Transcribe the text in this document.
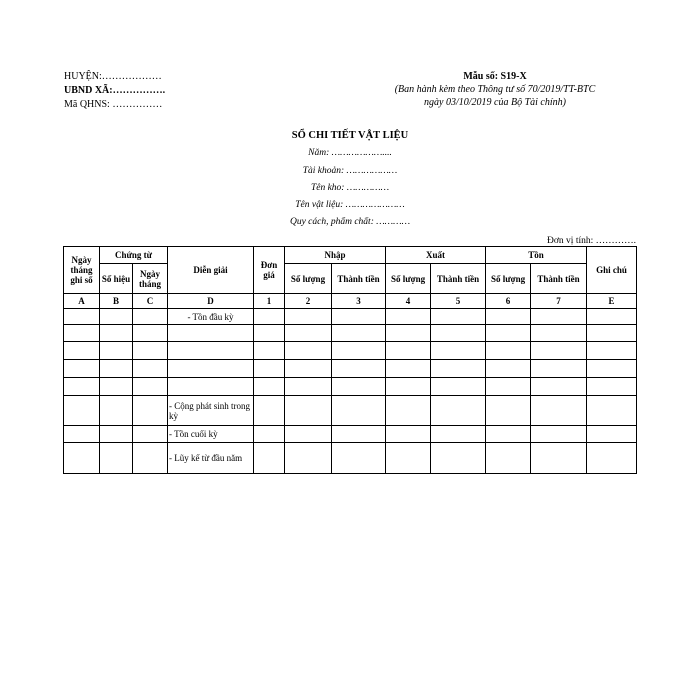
HUYỆN:………………
UBND XÃ:…………….
Mã QHNS: ……………
Mẫu số: S19-X
(Ban hành kèm theo Thông tư số 70/2019/TT-BTC
ngày 03/10/2019 của Bộ Tài chính)
SỔ CHI TIẾT VẬT LIỆU
Năm: ………………....
Tài khoản: ………………
Tên kho: ……………
Tên vật liệu: …………………
Quy cách, phẩm chất: …………
Đơn vị tính: ………….
Ngày tháng ghi sổ	Chứng từ		Diễn giải	Đơn giá	Nhập		Xuất		Tồn		Ghi chú
	Số hiệu	Ngày tháng			Số lượng	Thành tiền	Số lượng	Thành tiền	Số lượng	Thành tiền	
A	B	C	D	1	2	3	4	5	6	7	E
			- Tồn đầu kỳ								

			- Cộng phát sinh trong kỳ								
			- Tồn cuối kỳ								
			- Lũy kế từ đầu năm								
